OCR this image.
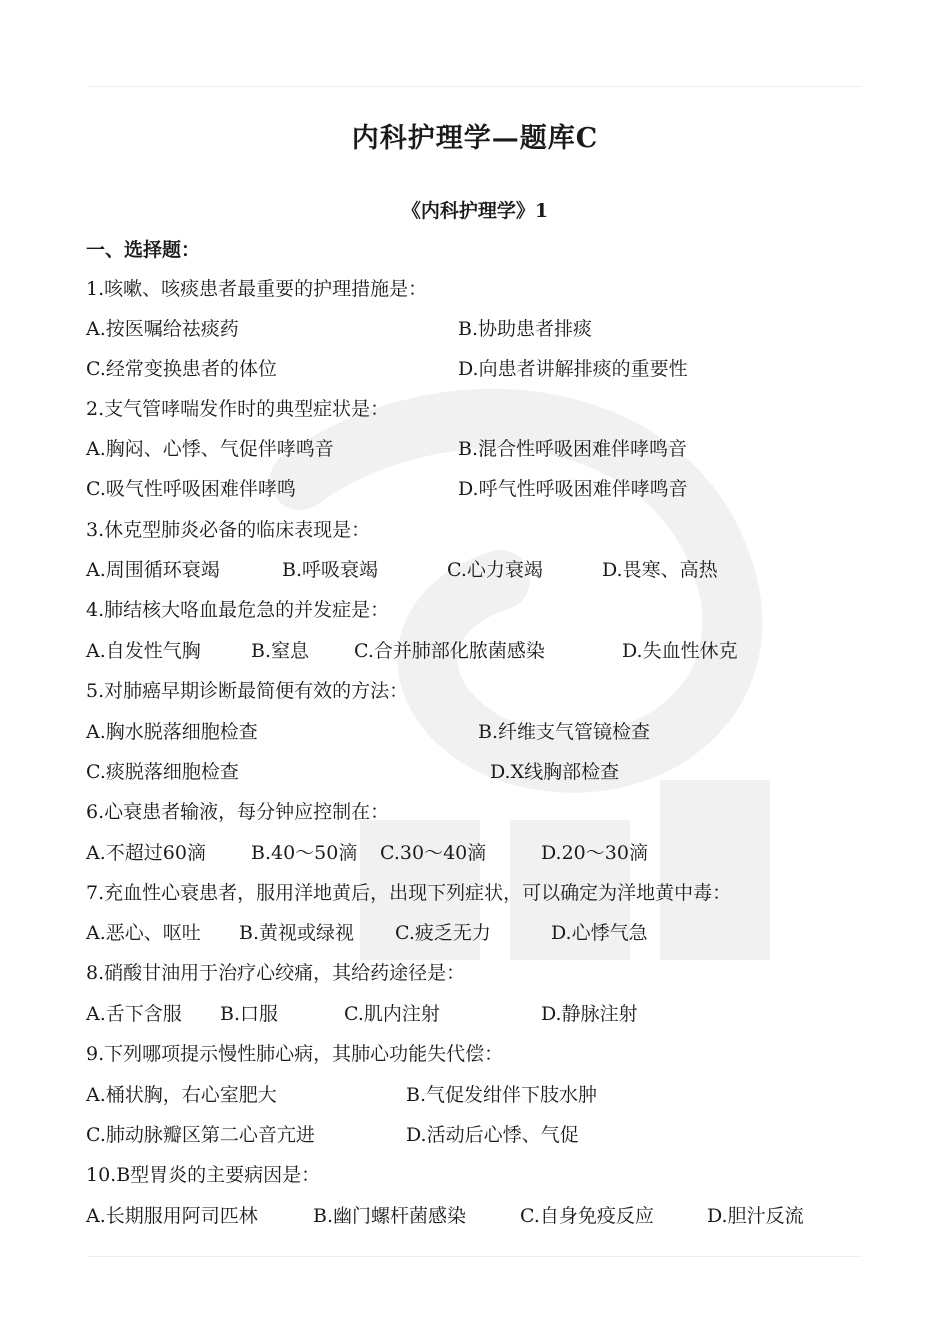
内科护理学—题库C
《内科护理学》1
一、选择题：
1.咳嗽、咳痰患者最重要的护理措施是：
A.按医嘱给祛痰药	B.协助患者排痰
C.经常变换患者的体位	D.向患者讲解排痰的重要性
2.支气管哮喘发作时的典型症状是：
A.胸闷、心悸、气促伴哮鸣音	B.混合性呼吸困难伴哮鸣音
C.吸气性呼吸困难伴哮鸣	D.呼气性呼吸困难伴哮鸣音
3.休克型肺炎必备的临床表现是：
A.周围循环衰竭	B.呼吸衰竭	C.心力衰竭	D.畏寒、高热
4.肺结核大咯血最危急的并发症是：
A.自发性气胸	B.窒息 C.合并肺部化脓菌感染	D.失血性休克
5.对肺癌早期诊断最简便有效的方法：
A.胸水脱落细胞检查	B.纤维支气管镜检查
C.痰脱落细胞检查	D.X线胸部检查
6.心衰患者输液，每分钟应控制在：
A.不超过60滴 B.40～50滴 C.30～40滴	D.20～30滴
7.充血性心衰患者，服用洋地黄后，出现下列症状，可以确定为洋地黄中毒：
A.恶心、呕吐 B.黄视或绿视 C.疲乏无力	D.心悸气急
8.硝酸甘油用于治疗心绞痛，其给药途径是：
A.舌下含服 B.口服	C.肌内注射	D.静脉注射
9.下列哪项提示慢性肺心病，其肺心功能失代偿：
A.桶状胸，右心室肥大	B.气促发绀伴下肢水肿
C.肺动脉瓣区第二心音亢进	D.活动后心悸、气促
10.B型胃炎的主要病因是：
A.长期服用阿司匹林	B.幽门螺杆菌感染	C.自身免疫反应	D.胆汁反流
